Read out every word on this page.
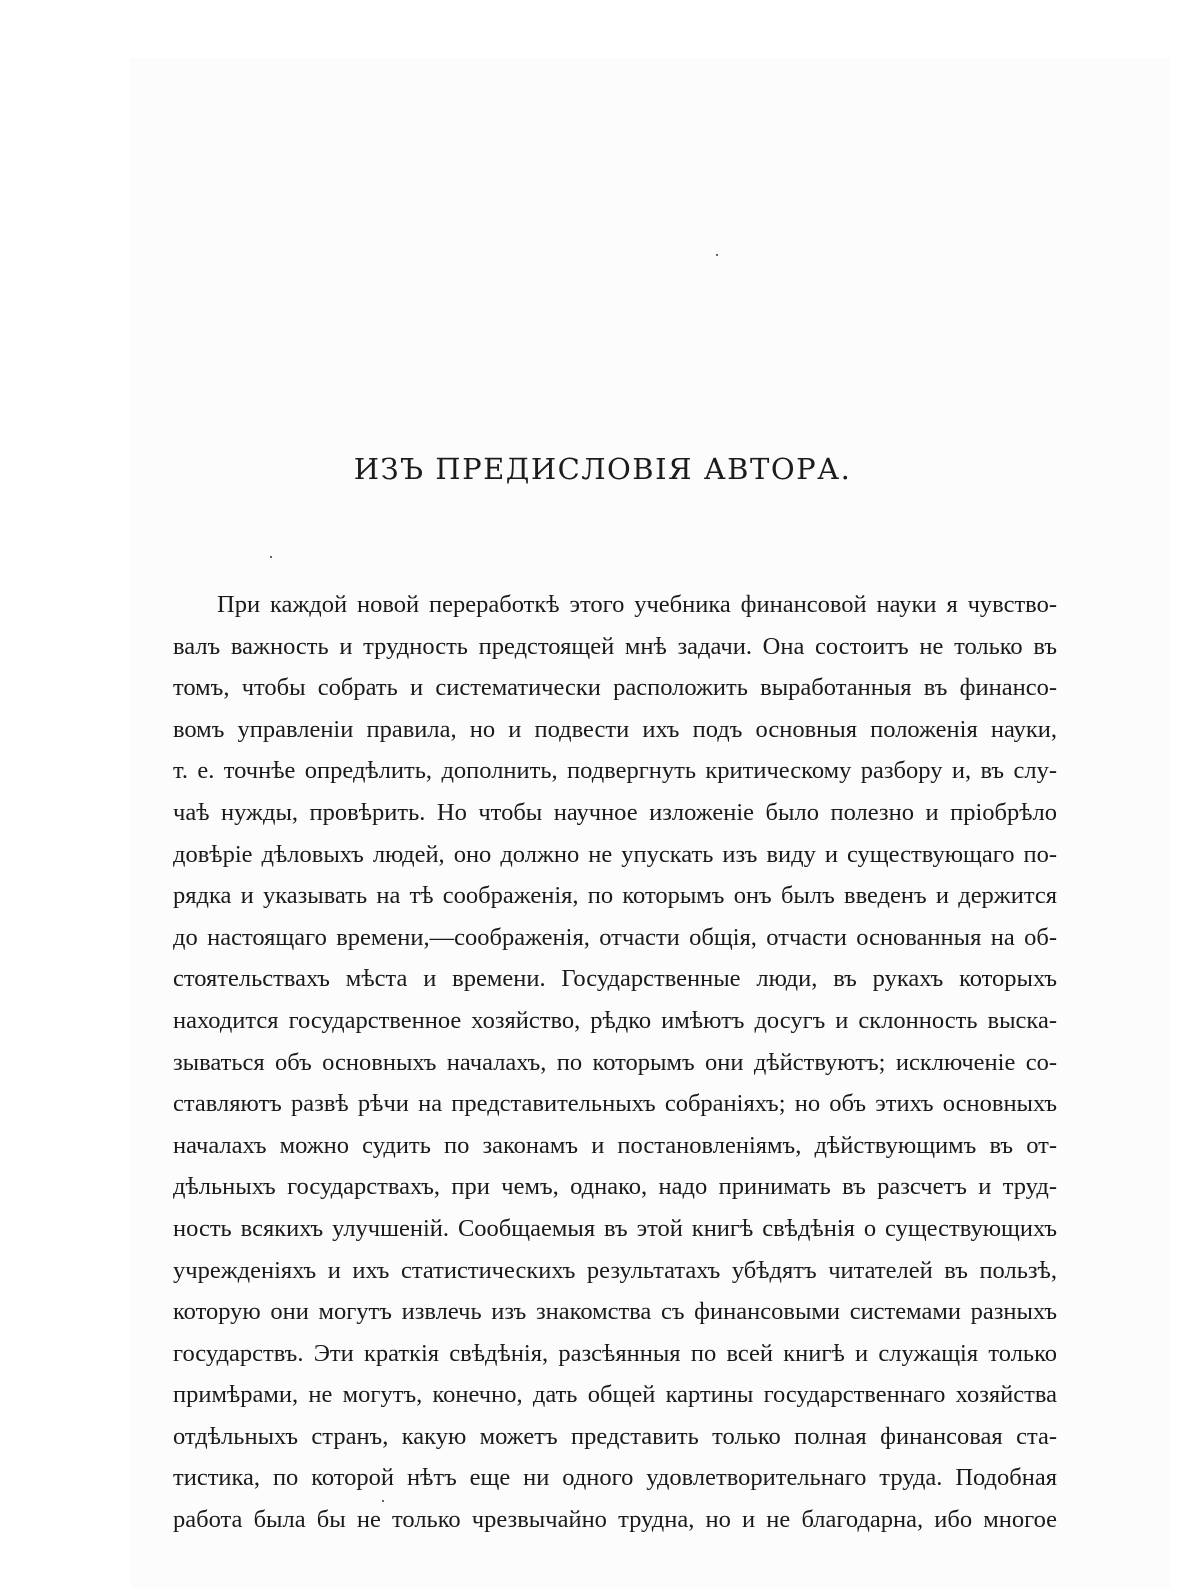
ИЗЪ ПРЕДИСЛОВІЯ АВТОРА.
При каждой новой переработкѣ этого учебника финансовой науки я чувство-
валъ важность и трудность предстоящей мнѣ задачи. Она состоитъ не только въ
томъ, чтобы собрать и систематически расположить выработанныя въ финансо-
вомъ управленіи правила, но и подвести ихъ подъ основныя положенія науки,
т. е. точнѣе опредѣлить, дополнить, подвергнуть критическому разбору и, въ слу-
чаѣ нужды, провѣрить. Но чтобы научное изложеніе было полезно и пріобрѣло
довѣріе дѣловыхъ людей, оно должно не упускать изъ виду и существующаго по-
рядка и указывать на тѣ соображенія, по которымъ онъ былъ введенъ и держится
до настоящаго времени,—соображенія, отчасти общія, отчасти основанныя на об-
стоятельствахъ мѣста и времени. Государственные люди, въ рукахъ которыхъ
находится государственное хозяйство, рѣдко имѣютъ досугъ и склонность выска-
зываться объ основныхъ началахъ, по которымъ они дѣйствуютъ; исключеніе со-
ставляютъ развѣ рѣчи на представительныхъ собраніяхъ; но объ этихъ основныхъ
началахъ можно судить по законамъ и постановленіямъ, дѣйствующимъ въ от-
дѣльныхъ государствахъ, при чемъ, однако, надо принимать въ разсчетъ и труд-
ность всякихъ улучшеній. Сообщаемыя въ этой книгѣ свѣдѣнія о существующихъ
учрежденіяхъ и ихъ статистическихъ результатахъ убѣдятъ читателей въ пользѣ,
которую они могутъ извлечь изъ знакомства съ финансовыми системами разныхъ
государствъ. Эти краткія свѣдѣнія, разсѣянныя по всей книгѣ и служащія только
примѣрами, не могутъ, конечно, дать общей картины государственнаго хозяйства
отдѣльныхъ странъ, какую можетъ представить только полная финансовая ста-
тистика, по которой нѣтъ еще ни одного удовлетворительнаго труда. Подобная
работа была бы не только чрезвычайно трудна, но и не благодарна, ибо многое
